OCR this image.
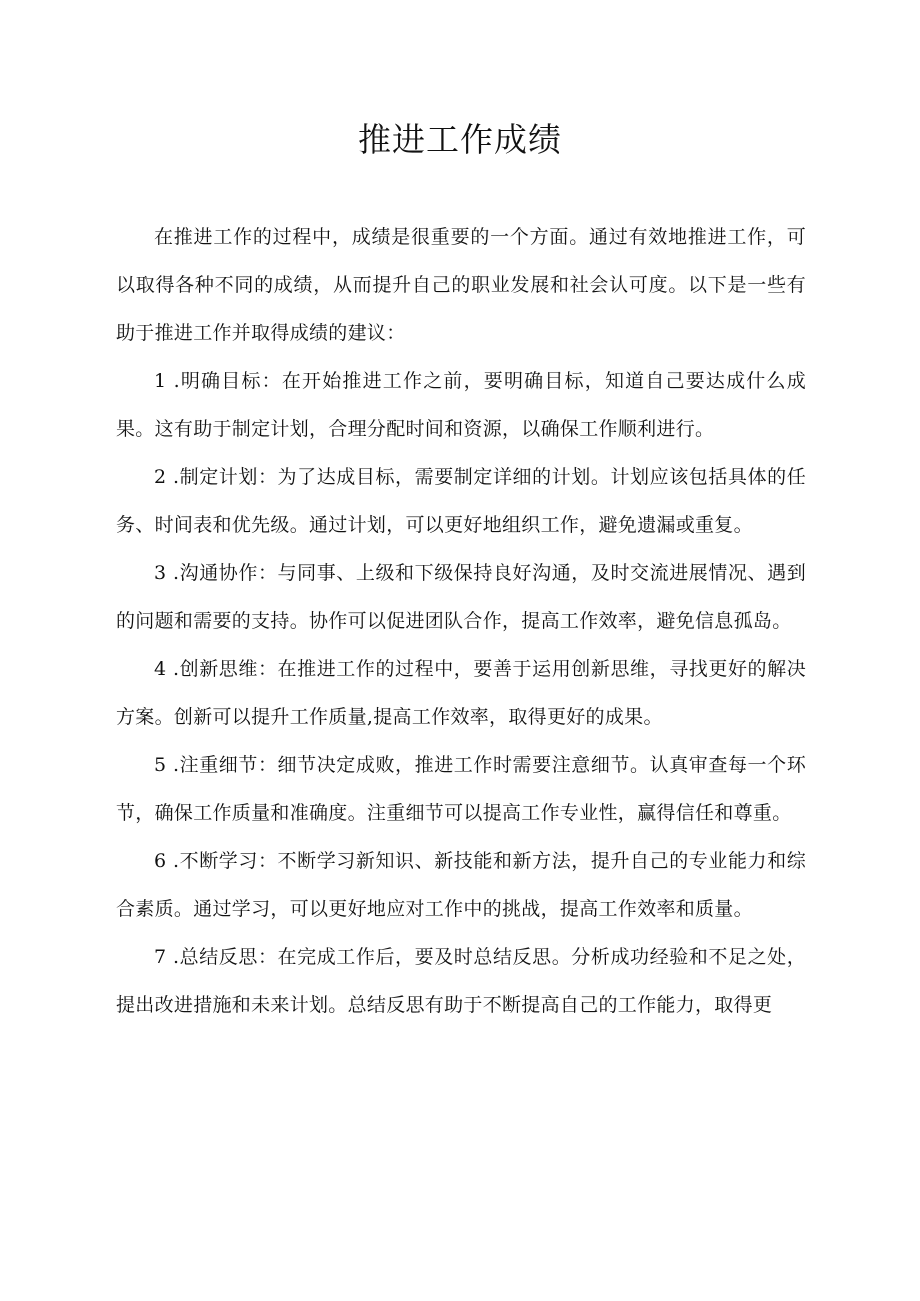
推进工作成绩

在推进工作的过程中，成绩是很重要的一个方面。通过有效地推进工作，可以取得各种不同的成绩，从而提升自己的职业发展和社会认可度。以下是一些有助于推进工作并取得成绩的建议：

1 .明确目标：在开始推进工作之前，要明确目标，知道自己要达成什么成果。这有助于制定计划，合理分配时间和资源，以确保工作顺利进行。

2 .制定计划：为了达成目标，需要制定详细的计划。计划应该包括具体的任务、时间表和优先级。通过计划，可以更好地组织工作，避免遗漏或重复。

3 .沟通协作：与同事、上级和下级保持良好沟通，及时交流进展情况、遇到的问题和需要的支持。协作可以促进团队合作，提高工作效率，避免信息孤岛。

4 .创新思维：在推进工作的过程中，要善于运用创新思维，寻找更好的解决方案。创新可以提升工作质量,提高工作效率，取得更好的成果。

5 .注重细节：细节决定成败，推进工作时需要注意细节。认真审查每一个环节，确保工作质量和准确度。注重细节可以提高工作专业性，赢得信任和尊重。

6 .不断学习：不断学习新知识、新技能和新方法，提升自己的专业能力和综合素质。通过学习，可以更好地应对工作中的挑战，提高工作效率和质量。

7 .总结反思：在完成工作后，要及时总结反思。分析成功经验和不足之处，提出改进措施和未来计划。总结反思有助于不断提高自己的工作能力，取得更
